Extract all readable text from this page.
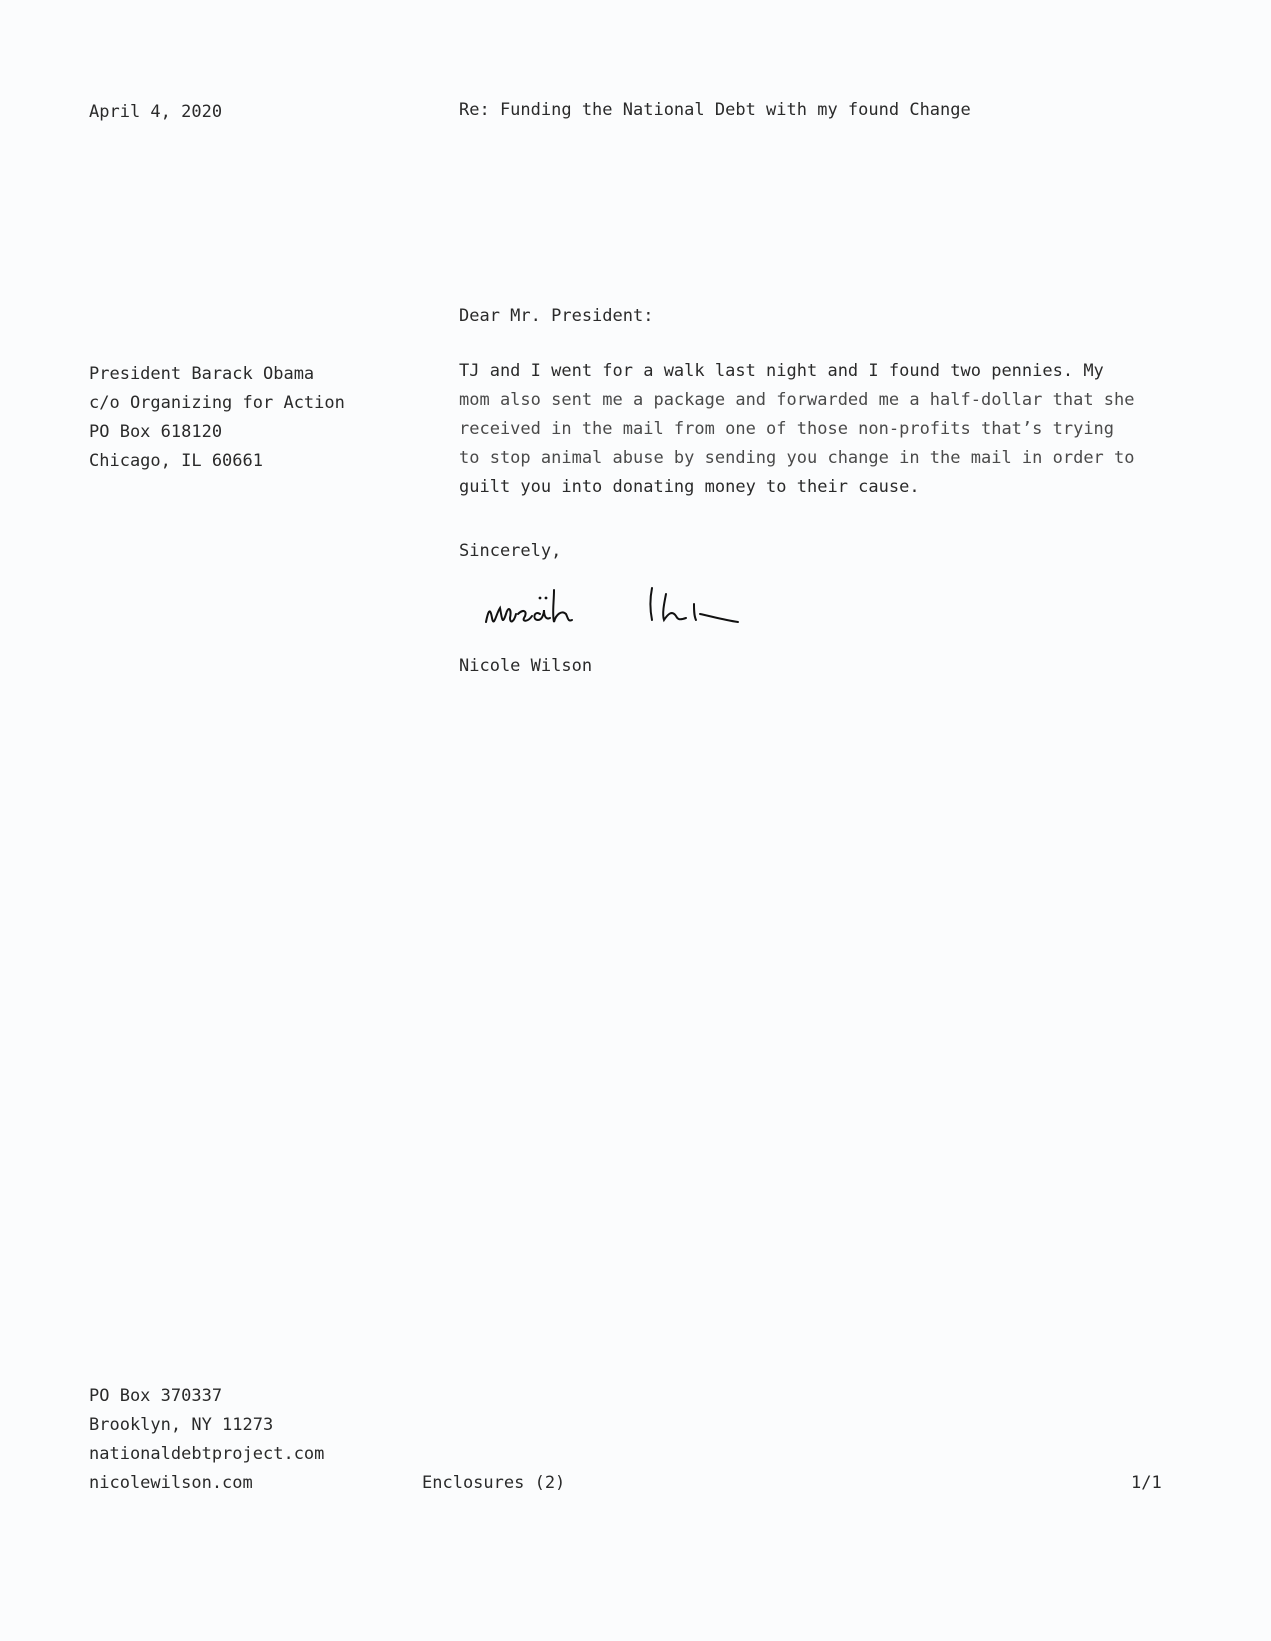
April 4, 2020	Re: Funding the National Debt with my found Change
Dear Mr. President:
President Barack Obama
c/o Organizing for Action
PO Box 618120
Chicago, IL 60661
TJ and I went for a walk last night and I found two pennies. My
mom also sent me a package and forwarded me a half-dollar that she
received in the mail from one of those non-profits that’s trying
to stop animal abuse by sending you change in the mail in order to
guilt you into donating money to their cause.
Sincerely,
Nicole Wilson
PO Box 370337
Brooklyn, NY 11273
nationaldebtproject.com
nicolewilson.com	Enclosures (2)	1/1
